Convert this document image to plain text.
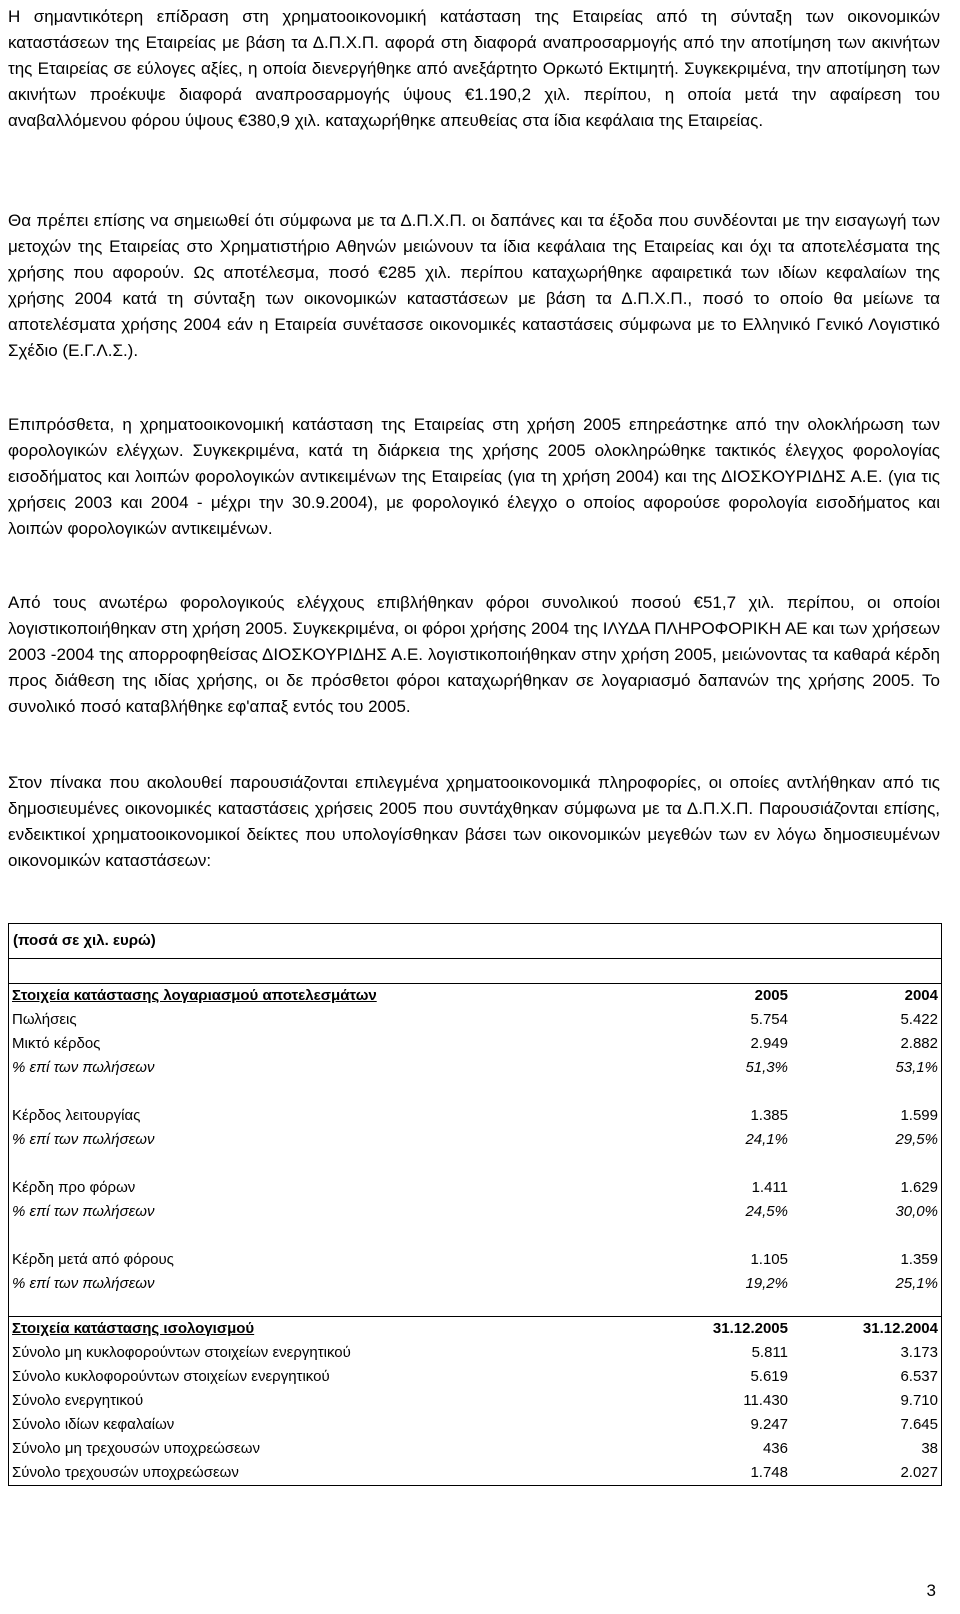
Η σημαντικότερη επίδραση στη χρηματοοικονομική κατάσταση της Εταιρείας από τη σύνταξη των οικονομικών καταστάσεων της Εταιρείας με βάση τα Δ.Π.Χ.Π. αφορά στη διαφορά αναπροσαρμογής από την αποτίμηση των ακινήτων της Εταιρείας σε εύλογες αξίες, η οποία διενεργήθηκε από ανεξάρτητο Ορκωτό Εκτιμητή. Συγκεκριμένα, την αποτίμηση των ακινήτων προέκυψε διαφορά αναπροσαρμογής ύψους €1.190,2 χιλ. περίπου, η οποία μετά την αφαίρεση του αναβαλλόμενου φόρου ύψους €380,9 χιλ. καταχωρήθηκε απευθείας στα ίδια κεφάλαια της Εταιρείας.

Θα πρέπει επίσης να σημειωθεί ότι σύμφωνα με τα Δ.Π.Χ.Π. οι δαπάνες και τα έξοδα που συνδέονται με την εισαγωγή των μετοχών της Εταιρείας στο Χρηματιστήριο Αθηνών μειώνουν τα ίδια κεφάλαια της Εταιρείας και όχι τα αποτελέσματα της χρήσης που αφορούν. Ως αποτέλεσμα, ποσό €285 χιλ. περίπου καταχωρήθηκε αφαιρετικά των ιδίων κεφαλαίων της χρήσης 2004 κατά τη σύνταξη των οικονομικών καταστάσεων με βάση τα Δ.Π.Χ.Π., ποσό το οποίο θα μείωνε τα αποτελέσματα χρήσης 2004 εάν η Εταιρεία συνέτασσε οικονομικές καταστάσεις σύμφωνα με το Ελληνικό Γενικό Λογιστικό Σχέδιο (Ε.Γ.Λ.Σ.).

Επιπρόσθετα, η χρηματοοικονομική κατάσταση της Εταιρείας στη χρήση 2005 επηρεάστηκε από την ολοκλήρωση των φορολογικών ελέγχων. Συγκεκριμένα, κατά τη διάρκεια της χρήσης 2005 ολοκληρώθηκε τακτικός έλεγχος φορολογίας εισοδήματος και λοιπών φορολογικών αντικειμένων της Εταιρείας (για τη χρήση 2004) και της ΔΙΟΣΚΟΥΡΙΔΗΣ Α.Ε. (για τις χρήσεις 2003 και 2004 - μέχρι την 30.9.2004), με φορολογικό έλεγχο ο οποίος αφορούσε φορολογία εισοδήματος και λοιπών φορολογικών αντικειμένων.

Από τους ανωτέρω φορολογικούς ελέγχους επιβλήθηκαν φόροι συνολικού ποσού €51,7 χιλ. περίπου, οι οποίοι λογιστικοποιήθηκαν στη χρήση 2005. Συγκεκριμένα, οι φόροι χρήσης 2004 της ΙΛΥΔΑ ΠΛΗΡΟΦΟΡΙΚΗ ΑΕ και των χρήσεων 2003 -2004 της απορροφηθείσας ΔΙΟΣΚΟΥΡΙΔΗΣ Α.Ε. λογιστικοποιήθηκαν στην χρήση 2005, μειώνοντας τα καθαρά κέρδη προς διάθεση της ιδίας χρήσης, οι δε πρόσθετοι φόροι καταχωρήθηκαν σε λογαριασμό δαπανών της χρήσης 2005. Το συνολικό ποσό καταβλήθηκε εφ'απαξ εντός του 2005.

Στον πίνακα που ακολουθεί παρουσιάζονται επιλεγμένα χρηματοοικονομικά πληροφορίες, οι οποίες αντλήθηκαν από τις δημοσιευμένες οικονομικές καταστάσεις χρήσεις 2005 που συντάχθηκαν σύμφωνα με τα Δ.Π.Χ.Π. Παρουσιάζονται επίσης, ενδεικτικοί χρηματοοικονομικοί δείκτες που υπολογίσθηκαν βάσει των οικονομικών μεγεθών των εν λόγω δημοσιευμένων οικονομικών καταστάσεων:

(ποσά σε χιλ. ευρώ)
Στοιχεία κατάστασης λογαριασμού αποτελεσμάτων	2005	2004
Πωλήσεις	5.754	5.422
Μικτό κέρδος	2.949	2.882
% επί των πωλήσεων	51,3%	53,1%
Κέρδος λειτουργίας	1.385	1.599
% επί των πωλήσεων	24,1%	29,5%
Κέρδη προ φόρων	1.411	1.629
% επί των πωλήσεων	24,5%	30,0%
Κέρδη μετά από φόρους	1.105	1.359
% επί των πωλήσεων	19,2%	25,1%
Στοιχεία κατάστασης ισολογισμού	31.12.2005	31.12.2004
Σύνολο μη κυκλοφορούντων στοιχείων ενεργητικού	5.811	3.173
Σύνολο κυκλοφορούντων στοιχείων ενεργητικού	5.619	6.537
Σύνολο ενεργητικού	11.430	9.710
Σύνολο ιδίων κεφαλαίων	9.247	7.645
Σύνολο μη τρεχουσών υποχρεώσεων	436	38
Σύνολο τρεχουσών υποχρεώσεων	1.748	2.027
3
